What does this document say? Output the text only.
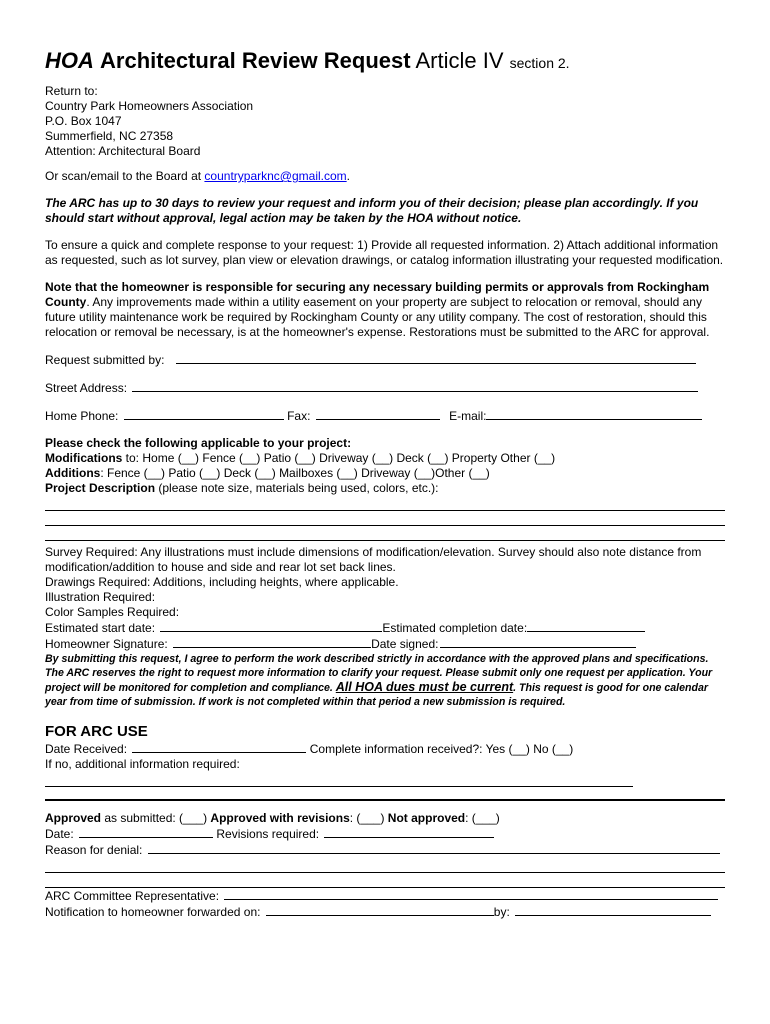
HOA Architectural Review Request Article IV section 2.
Return to:
Country Park Homeowners Association
P.O. Box 1047
Summerfield, NC 27358
Attention: Architectural Board
Or scan/email to the Board at countryparknc@gmail.com.

The ARC has up to 30 days to review your request and inform you of their decision; please plan accordingly. If you should start without approval, legal action may be taken by the HOA without notice.

To ensure a quick and complete response to your request: 1) Provide all requested information. 2) Attach additional information as requested, such as lot survey, plan view or elevation drawings, or catalog information illustrating your requested modification.

Note that the homeowner is responsible for securing any necessary building permits or approvals from Rockingham County. Any improvements made within a utility easement on your property are subject to relocation or removal, should any future utility maintenance work be required by Rockingham County or any utility company. The cost of restoration, should this relocation or removal be necessary, is at the homeowner's expense. Restorations must be submitted to the ARC for approval.

Request submitted by:
Street Address:
Home Phone:	Fax:	E-mail:
Please check the following applicable to your project:
Modifications to: Home (__) Fence (__) Patio (__) Driveway (__) Deck (__) Property Other (__)
Additions: Fence (__) Patio (__) Deck (__) Mailboxes (__) Driveway (__)Other (__)
Project Description (please note size, materials being used, colors, etc.):

Survey Required: Any illustrations must include dimensions of modification/elevation. Survey should also note distance from modification/addition to house and side and rear lot set back lines.

Drawings Required: Additions, including heights, where applicable.
Illustration Required:
Color Samples Required:
Estimated start date:	Estimated completion date:
Homeowner Signature:	Date signed:

By submitting this request, I agree to perform the work described strictly in accordance with the approved plans and specifications. The ARC reserves the right to request more information to clarify your request. Please submit only one request per application. Your project will be monitored for completion and compliance. All HOA dues must be current. This request is good for one calendar year from time of submission. If work is not completed within that period a new submission is required.

FOR ARC USE
Date Received:	Complete information received?: Yes (__) No (__)
If no, additional information required:
Approved as submitted: (___) Approved with revisions: (___) Not approved: (___)
Date:	Revisions required:
Reason for denial:
ARC Committee Representative:
Notification to homeowner forwarded on:	by:
